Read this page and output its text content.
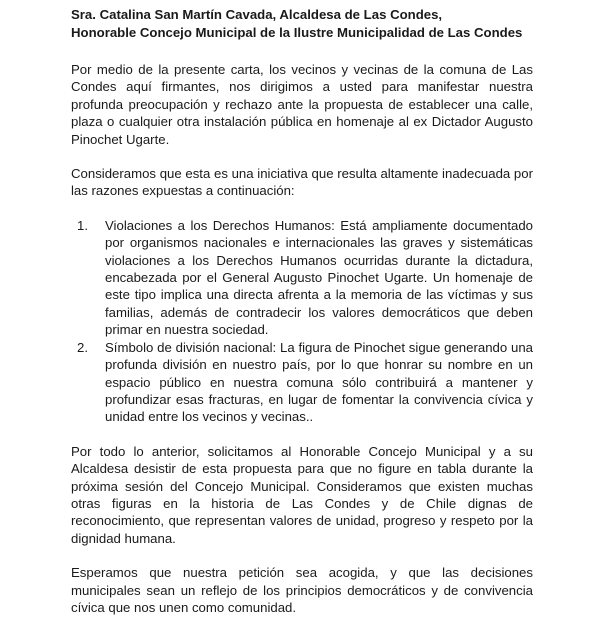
Sra. Catalina San Martín Cavada, Alcaldesa de Las Condes,
Honorable Concejo Municipal de la Ilustre Municipalidad de Las Condes

Por medio de la presente carta, los vecinos y vecinas de la comuna de Las Condes aquí firmantes, nos dirigimos a usted para manifestar nuestra profunda preocupación y rechazo ante la propuesta de establecer una calle, plaza o cualquier otra instalación pública en homenaje al ex Dictador Augusto Pinochet Ugarte.

Consideramos que esta es una iniciativa que resulta altamente inadecuada por las razones expuestas a continuación:

1. Violaciones a los Derechos Humanos: Está ampliamente documentado por organismos nacionales e internacionales las graves y sistemáticas violaciones a los Derechos Humanos ocurridas durante la dictadura, encabezada por el General Augusto Pinochet Ugarte. Un homenaje de este tipo implica una directa afrenta a la memoria de las víctimas y sus familias, además de contradecir los valores democráticos que deben primar en nuestra sociedad.
2. Símbolo de división nacional: La figura de Pinochet sigue generando una profunda división en nuestro país, por lo que honrar su nombre en un espacio público en nuestra comuna sólo contribuirá a mantener y profundizar esas fracturas, en lugar de fomentar la convivencia cívica y unidad entre los vecinos y vecinas..

Por todo lo anterior, solicitamos al Honorable Concejo Municipal y a su Alcaldesa desistir de esta propuesta para que no figure en tabla durante la próxima sesión del Concejo Municipal. Consideramos que existen muchas otras figuras en la historia de Las Condes y de Chile dignas de reconocimiento, que representan valores de unidad, progreso y respeto por la dignidad humana.

Esperamos que nuestra petición sea acogida, y que las decisiones municipales sean un reflejo de los principios democráticos y de convivencia cívica que nos unen como comunidad.
